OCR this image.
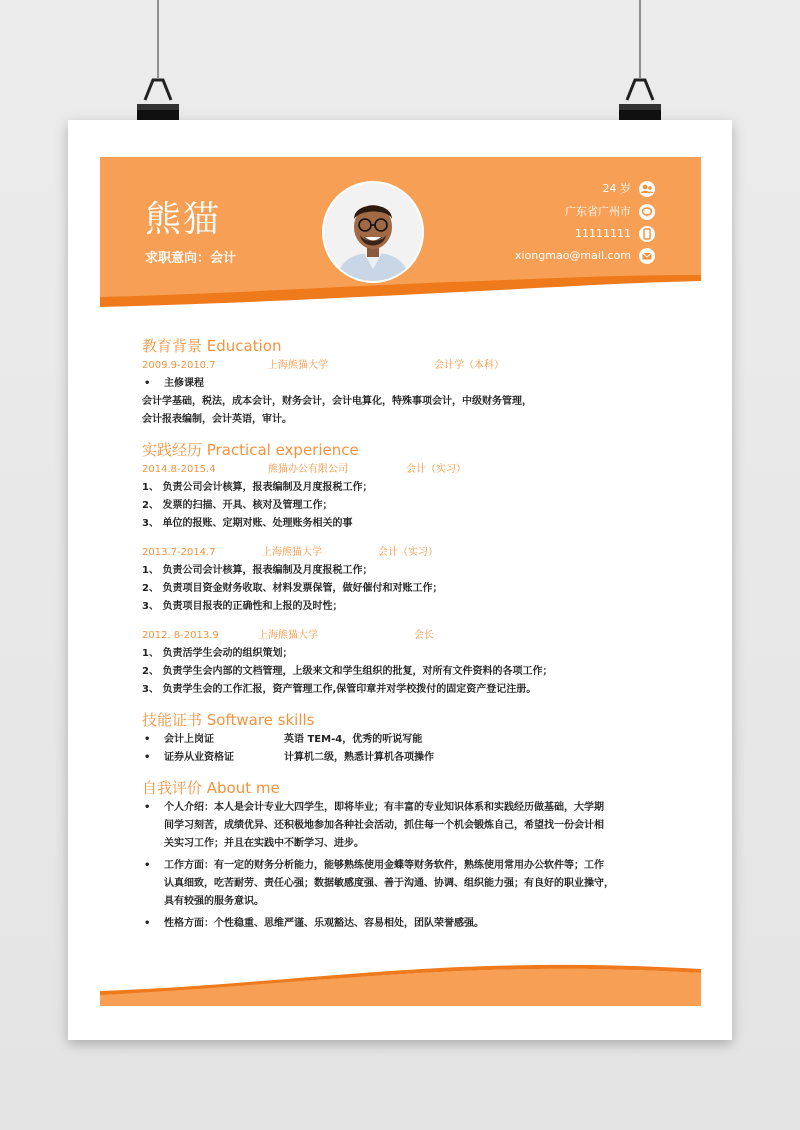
熊猫
求职意向：会计
24 岁
广东省广州市
11111111
xiongmao@mail.com
教育背景 Education
2009.9-2010.7	上海熊猫大学	会计学（本科）
• 主修课程
会计学基础，税法，成本会计，财务会计，会计电算化，特殊事项会计，中级财务管理，
会计报表编制，会计英语，审计。
实践经历 Practical experience
2014.8-2015.4	熊猫办公有限公司	会计（实习）
1、 负责公司会计核算，报表编制及月度报税工作；
2、 发票的扫描、开具、核对及管理工作；
3、 单位的报账、定期对账、处理账务相关的事
2013.7-2014.7	上海熊猫大学	会计（实习）
1、 负责公司会计核算，报表编制及月度报税工作；
2、 负责项目资金财务收取、材料发票保管，做好催付和对账工作；
3、 负责项目报表的正确性和上报的及时性；
2012. 8-2013.9	上海熊猫大学	会长
1、 负责活学生会动的组织策划；
2、 负责学生会内部的文档管理，上级来文和学生组织的批复，对所有文件资料的各项工作；
3、 负责学生会的工作汇报，资产管理工作,保管印章并对学校拨付的固定资产登记注册。
技能证书 Software skills
• 会计上岗证	英语 TEM-4，优秀的听说写能
• 证券从业资格证	计算机二级，熟悉计算机各项操作
自我评价 About me
• 个人介绍：本人是会计专业大四学生，即将毕业；有丰富的专业知识体系和实践经历做基础，大学期
间学习刻苦，成绩优异、还积极地参加各种社会活动，抓住每一个机会锻炼自己，希望找一份会计相
关实习工作；并且在实践中不断学习、进步。
• 工作方面：有一定的财务分析能力，能够熟练使用金蝶等财务软件，熟练使用常用办公软件等；工作
认真细致，吃苦耐劳、责任心强；数据敏感度强、善于沟通、协调、组织能力强；有良好的职业操守，
具有较强的服务意识。
• 性格方面：个性稳重、思维严谨、乐观豁达、容易相处，团队荣誉感强。
